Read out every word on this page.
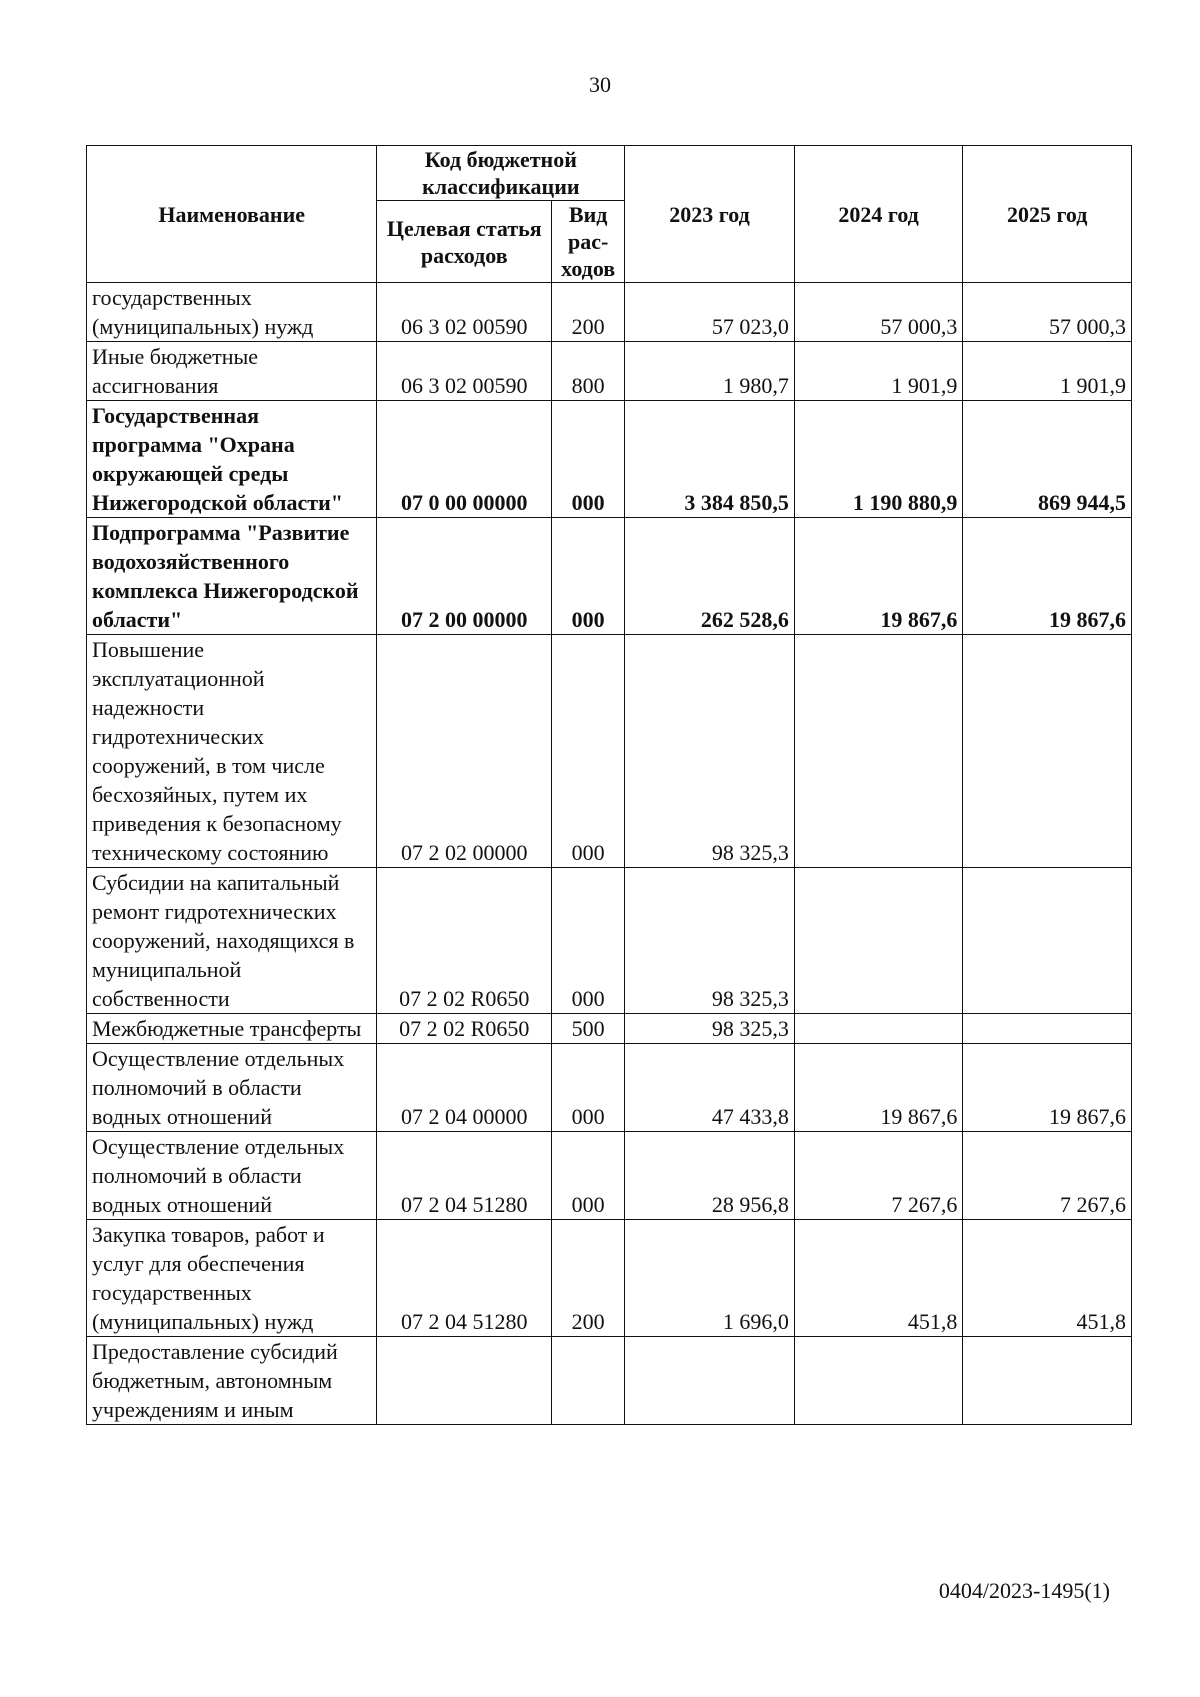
30
Наименование	Код бюджетной классификации		2023 год	2024 год	2025 год
	Целевая статья расходов	Вид рас- ходов			
государственных (муниципальных) нужд	06 3 02 00590	200	57 023,0	57 000,3	57 000,3
Иные бюджетные ассигнования	06 3 02 00590	800	1 980,7	1 901,9	1 901,9
Государственная программа "Охрана окружающей среды Нижегородской области"	07 0 00 00000	000	3 384 850,5	1 190 880,9	869 944,5
Подпрограмма "Развитие водохозяйственного комплекса Нижегородской области"	07 2 00 00000	000	262 528,6	19 867,6	19 867,6
Повышение эксплуатационной надежности гидротехнических сооружений, в том числе бесхозяйных, путем их приведения к безопасному техническому состоянию	07 2 02 00000	000	98 325,3		
Субсидии на капитальный ремонт гидротехнических сооружений, находящихся в муниципальной собственности	07 2 02 R0650	000	98 325,3		
Межбюджетные трансферты	07 2 02 R0650	500	98 325,3		
Осуществление отдельных полномочий в области водных отношений	07 2 04 00000	000	47 433,8	19 867,6	19 867,6
Осуществление отдельных полномочий в области водных отношений	07 2 04 51280	000	28 956,8	7 267,6	7 267,6
Закупка товаров, работ и услуг для обеспечения государственных (муниципальных) нужд	07 2 04 51280	200	1 696,0	451,8	451,8
Предоставление субсидий бюджетным, автономным учреждениям и иным					
0404/2023-1495(1)
